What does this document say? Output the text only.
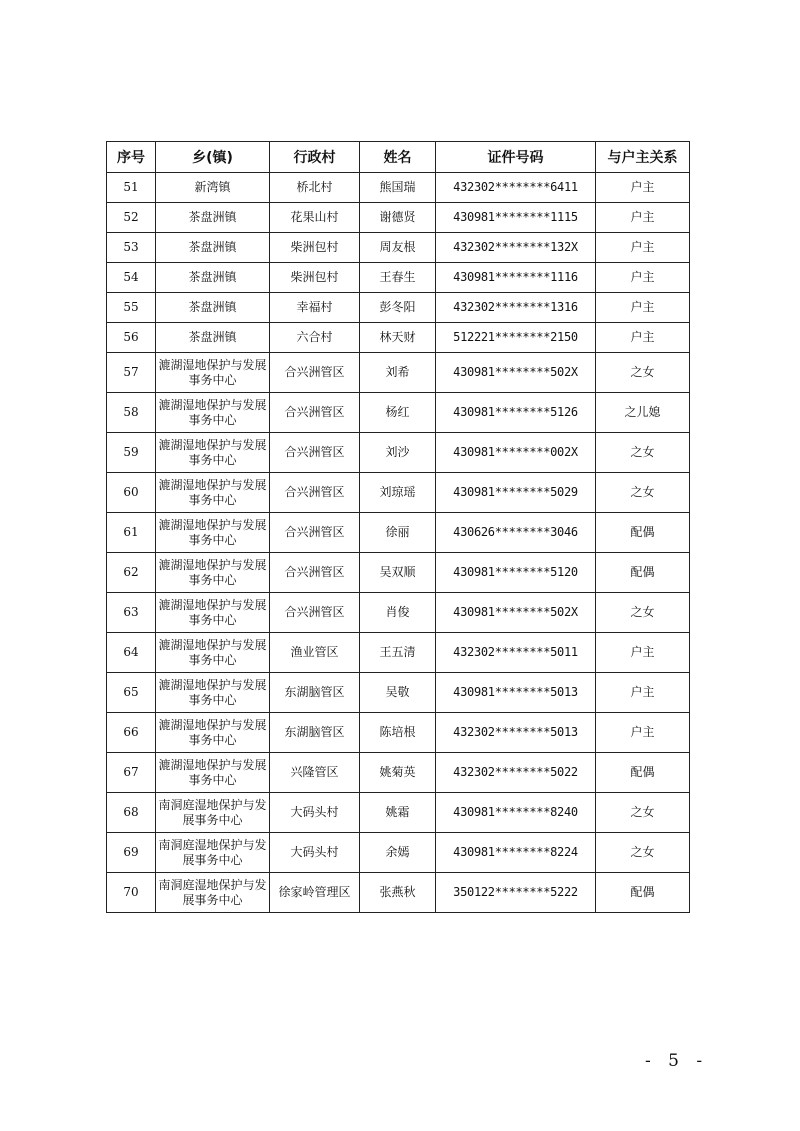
序号	乡(镇)	行政村	姓名	证件号码	与户主关系
51	新湾镇	桥北村	熊国瑞	432302********6411	户主
52	茶盘洲镇	花果山村	谢德贤	430981********1115	户主
53	茶盘洲镇	柴洲包村	周友根	432302********132X	户主
54	茶盘洲镇	柴洲包村	王春生	430981********1116	户主
55	茶盘洲镇	幸福村	彭冬阳	432302********1316	户主
56	茶盘洲镇	六合村	林天财	512221********2150	户主
57	漉湖湿地保护与发展事务中心	合兴洲管区	刘希	430981********502X	之女
58	漉湖湿地保护与发展事务中心	合兴洲管区	杨红	430981********5126	之儿媳
59	漉湖湿地保护与发展事务中心	合兴洲管区	刘沙	430981********002X	之女
60	漉湖湿地保护与发展事务中心	合兴洲管区	刘琼瑶	430981********5029	之女
61	漉湖湿地保护与发展事务中心	合兴洲管区	徐丽	430626********3046	配偶
62	漉湖湿地保护与发展事务中心	合兴洲管区	吴双顺	430981********5120	配偶
63	漉湖湿地保护与发展事务中心	合兴洲管区	肖俊	430981********502X	之女
64	漉湖湿地保护与发展事务中心	渔业管区	王五清	432302********5011	户主
65	漉湖湿地保护与发展事务中心	东湖脑管区	吴敬	430981********5013	户主
66	漉湖湿地保护与发展事务中心	东湖脑管区	陈培根	432302********5013	户主
67	漉湖湿地保护与发展事务中心	兴隆管区	姚菊英	432302********5022	配偶
68	南洞庭湿地保护与发展事务中心	大码头村	姚霜	430981********8240	之女
69	南洞庭湿地保护与发展事务中心	大码头村	余嫣	430981********8224	之女
70	南洞庭湿地保护与发展事务中心	徐家岭管理区	张燕秋	350122********5222	配偶
- 5 -
